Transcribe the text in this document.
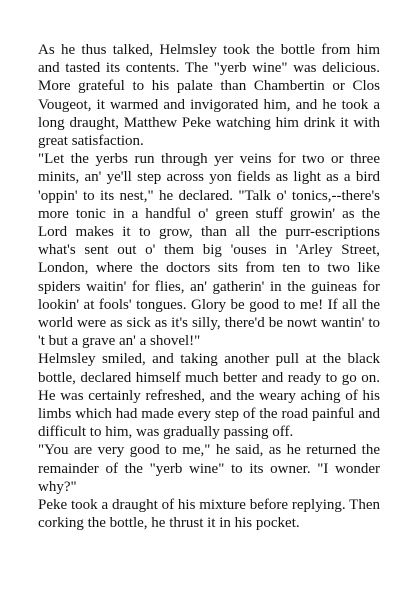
As he thus talked, Helmsley took the bottle from him and tasted its contents. The "yerb wine" was delicious. More grateful to his palate than Chambertin or Clos Vougeot, it warmed and invigorated him, and he took a long draught, Matthew Peke watching him drink it with great satisfaction.

"Let the yerbs run through yer veins for two or three minits, an' ye'll step across yon fields as light as a bird 'oppin' to its nest," he declared. "Talk o' tonics,--there's more tonic in a handful o' green stuff growin' as the Lord makes it to grow, than all the purr-escriptions what's sent out o' them big 'ouses in 'Arley Street, London, where the doctors sits from ten to two like spiders waitin' for flies, an' gatherin' in the guineas for lookin' at fools' tongues. Glory be good to me! If all the world were as sick as it's silly, there'd be nowt wantin' to 't but a grave an' a shovel!"

Helmsley smiled, and taking another pull at the black bottle, declared himself much better and ready to go on. He was certainly refreshed, and the weary aching of his limbs which had made every step of the road painful and difficult to him, was gradually passing off.

"You are very good to me," he said, as he returned the remainder of the "yerb wine" to its owner. "I wonder why?"

Peke took a draught of his mixture before replying. Then corking the bottle, he thrust it in his pocket.
